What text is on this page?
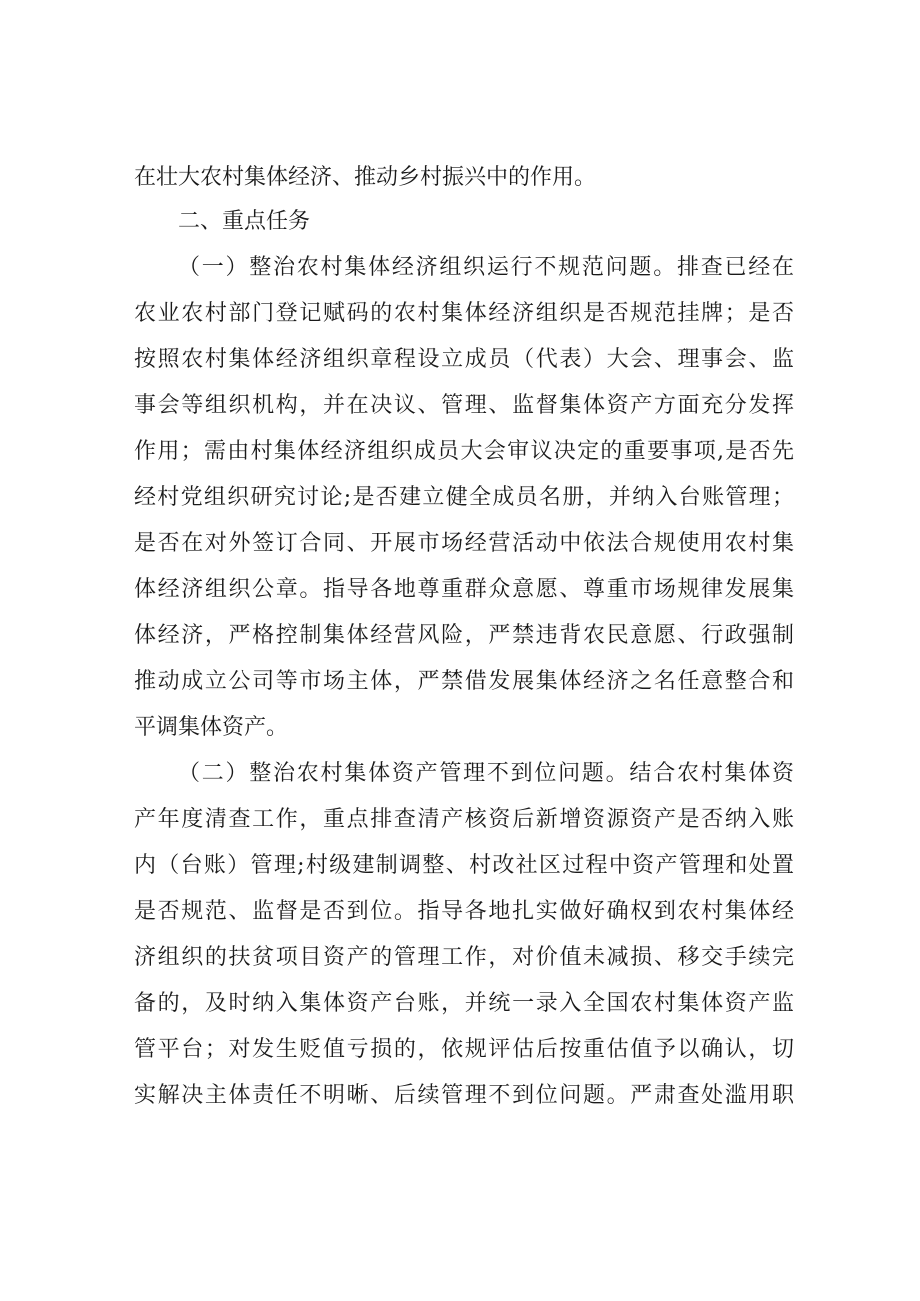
在壮大农村集体经济、推动乡村振兴中的作用。
二、重点任务
（一）整治农村集体经济组织运行不规范问题。排查已经在
农业农村部门登记赋码的农村集体经济组织是否规范挂牌；是否
按照农村集体经济组织章程设立成员（代表）大会、理事会、监
事会等组织机构，并在决议、管理、监督集体资产方面充分发挥
作用；需由村集体经济组织成员大会审议决定的重要事项,是否先
经村党组织研究讨论;是否建立健全成员名册，并纳入台账管理；
是否在对外签订合同、开展市场经营活动中依法合规使用农村集
体经济组织公章。指导各地尊重群众意愿、尊重市场规律发展集
体经济，严格控制集体经营风险，严禁违背农民意愿、行政强制
推动成立公司等市场主体，严禁借发展集体经济之名任意整合和
平调集体资产。
（二）整治农村集体资产管理不到位问题。结合农村集体资
产年度清查工作，重点排查清产核资后新增资源资产是否纳入账
内（台账）管理;村级建制调整、村改社区过程中资产管理和处置
是否规范、监督是否到位。指导各地扎实做好确权到农村集体经
济组织的扶贫项目资产的管理工作，对价值未减损、移交手续完
备的，及时纳入集体资产台账，并统一录入全国农村集体资产监
管平台；对发生贬值亏损的，依规评估后按重估值予以确认，切
实解决主体责任不明晰、后续管理不到位问题。严肃查处滥用职
